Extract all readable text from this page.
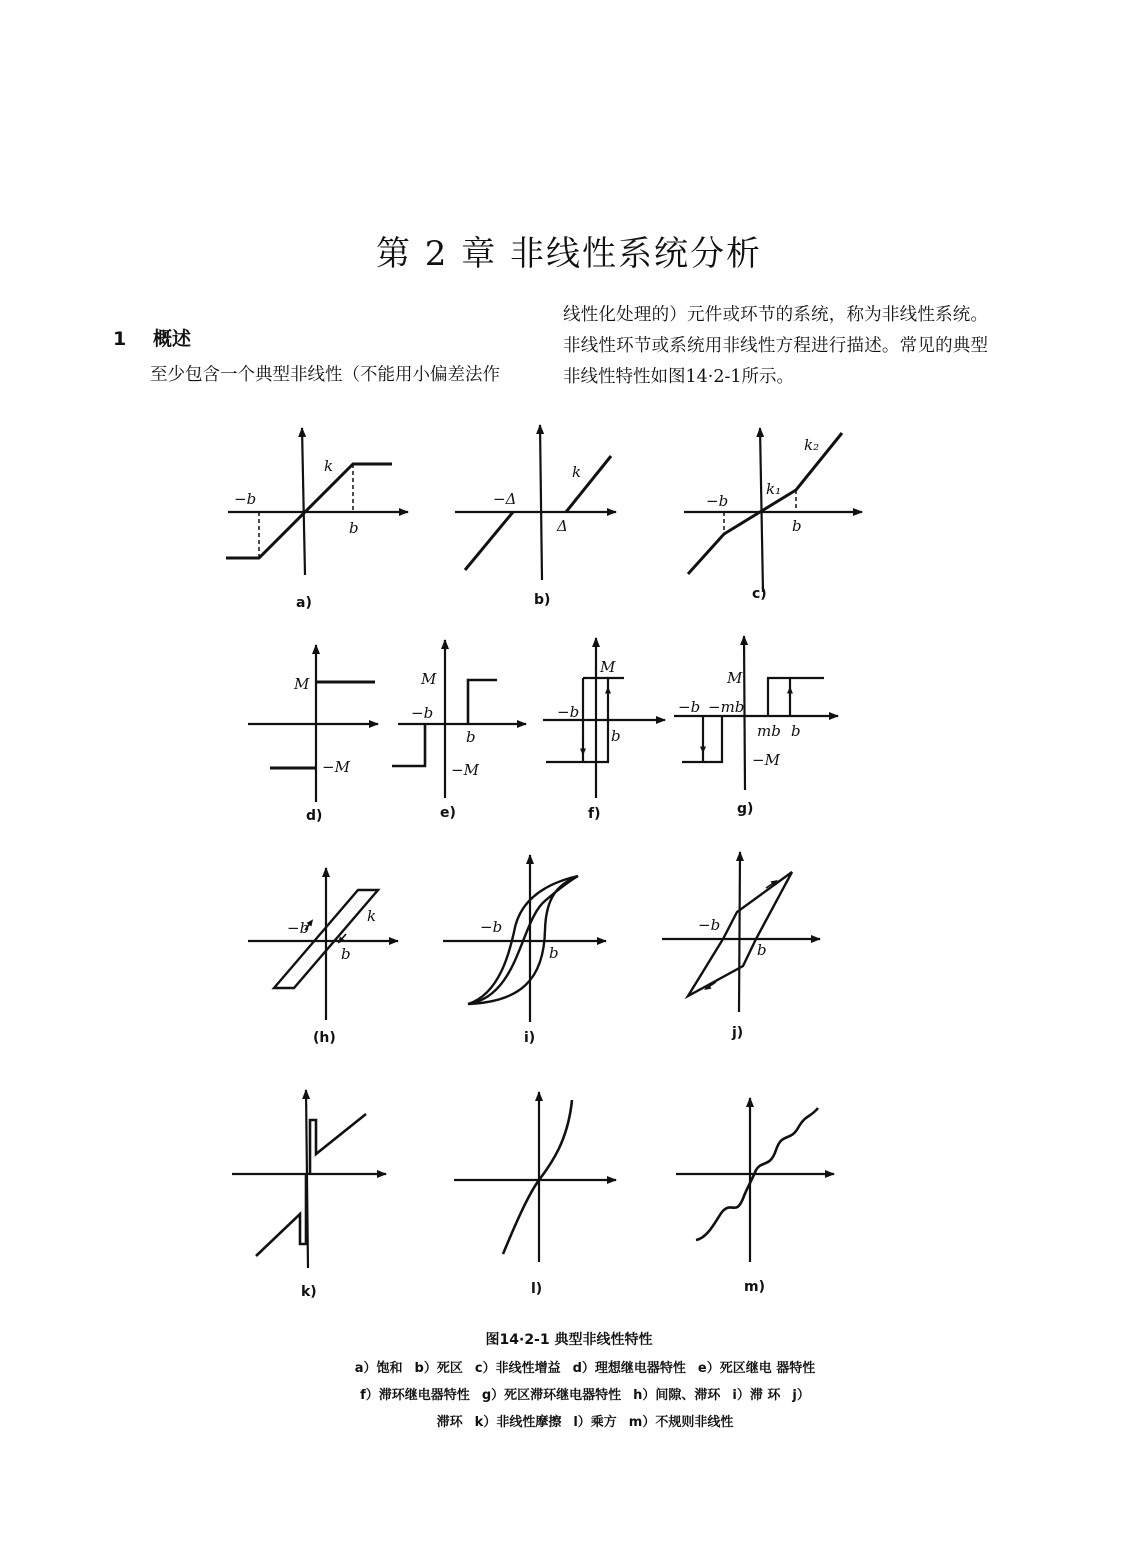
第 2 章 非线性系统分析
1 概述
至少包含一个典型非线性（不能用小偏差法作
线性化处理的）元件或环节的系统，称为非线性系统。非线性环节或系统用非线性方程进行描述。常见的典型非线性特性如图14·2-1所示。
−b
k
b
a)
−Δ
k
Δ
b)
−b
k₂
k₁
b
c)
M
−M
d)
M
−b
b
−M
e)
M
−b
b
f)
M
−b −mb
mb b
−M
g)
−b
k
b
(h)
−b
b
i)
−b
b
j)
k)	l)	m)
图14·2-1 典型非线性特性
a）饱和 b）死区 c）非线性增益 d）理想继电器特性 e）死区继电 器特性
f）滞环继电器特性 g）死区滞环继电器特性 h）间隙、滞环 i）滞 环 j）
滞环 k）非线性摩擦 l）乘方 m）不规则非线性
